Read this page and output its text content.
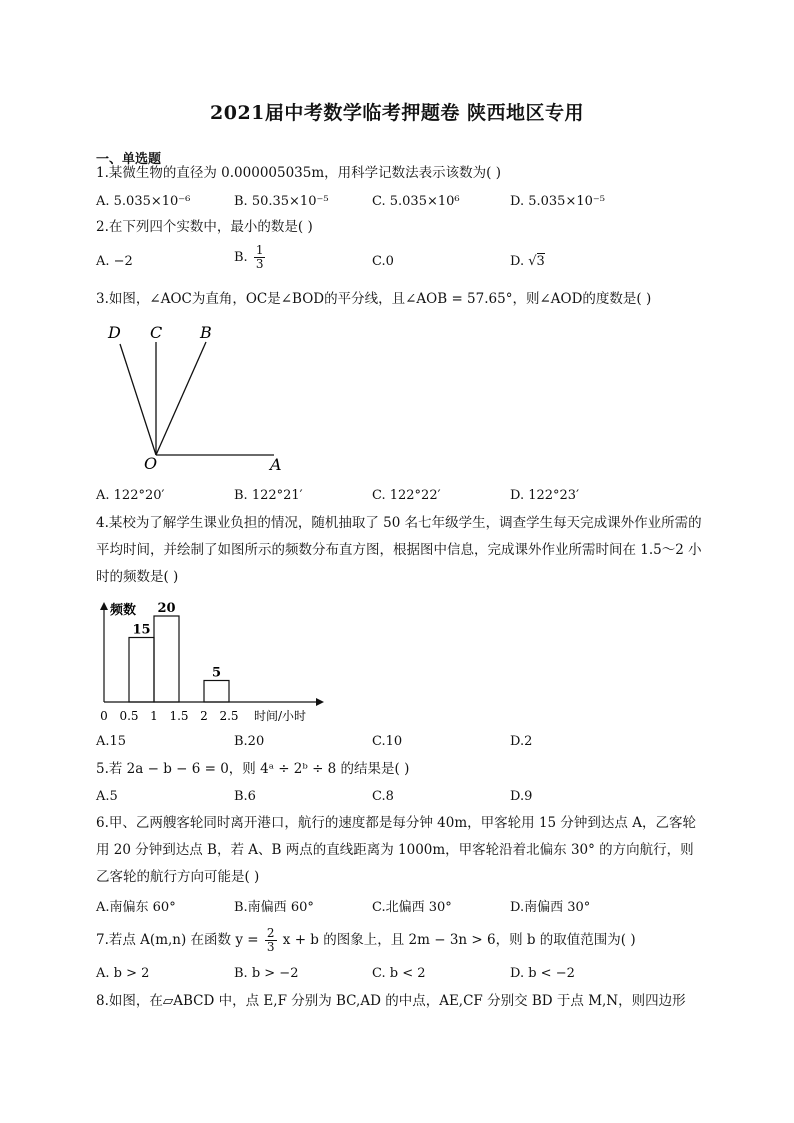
2021届中考数学临考押题卷 陕西地区专用
一、单选题
1.某微生物的直径为 0.000005035m，用科学记数法表示该数为( )
A. 5.035×10⁻⁶	B. 50.35×10⁻⁵	C. 5.035×10⁶	D. 5.035×10⁻⁵
2.在下列四个实数中，最小的数是( )
A. −2	B. $\frac{1}{3}$	C.0	D. √3
3.如图，∠AOC为直角，OC是∠BOD的平分线，且∠AOB = 57.65°，则∠AOD的度数是( )
D C B
O	A
A. 122°20′	B. 122°21′	C. 122°22′	D. 122°23′
4.某校为了解学生课业负担的情况，随机抽取了 50 名七年级学生，调查学生每天完成课外作业所需的平均时间，并绘制了如图所示的频数分布直方图，根据图中信息，完成课外作业所需时间在 1.5～2 小时的频数是( )
频数
时间/小时
15
20
5
0 0.5 1 1.5 2 2.5
A.15	B.20	C.10	D.2
5.若 2a − b − 6 = 0，则 4ᵃ ÷ 2ᵇ ÷ 8 的结果是( )
A.5	B.6	C.8	D.9
6.甲、乙两艘客轮同时离开港口，航行的速度都是每分钟 40m，甲客轮用 15 分钟到达点 A，乙客轮用 20 分钟到达点 B，若 A、B 两点的直线距离为 1000m，甲客轮沿着北偏东 30° 的方向航行，则乙客轮的航行方向可能是( )
A.南偏东 60°	B.南偏西 60°	C.北偏西 30°	D.南偏西 30°
7.若点 A(m,n) 在函数 $y = \frac{2}{3}$ x + b 的图象上，且 2m − 3n > 6，则 b 的取值范围为( )
A. b > 2	B. b > −2	C. b < 2	D. b < −2
8.如图，在▱ABCD 中，点 E,F 分别为 BC,AD 的中点，AE,CF 分别交 BD 于点 M,N，则四边形
